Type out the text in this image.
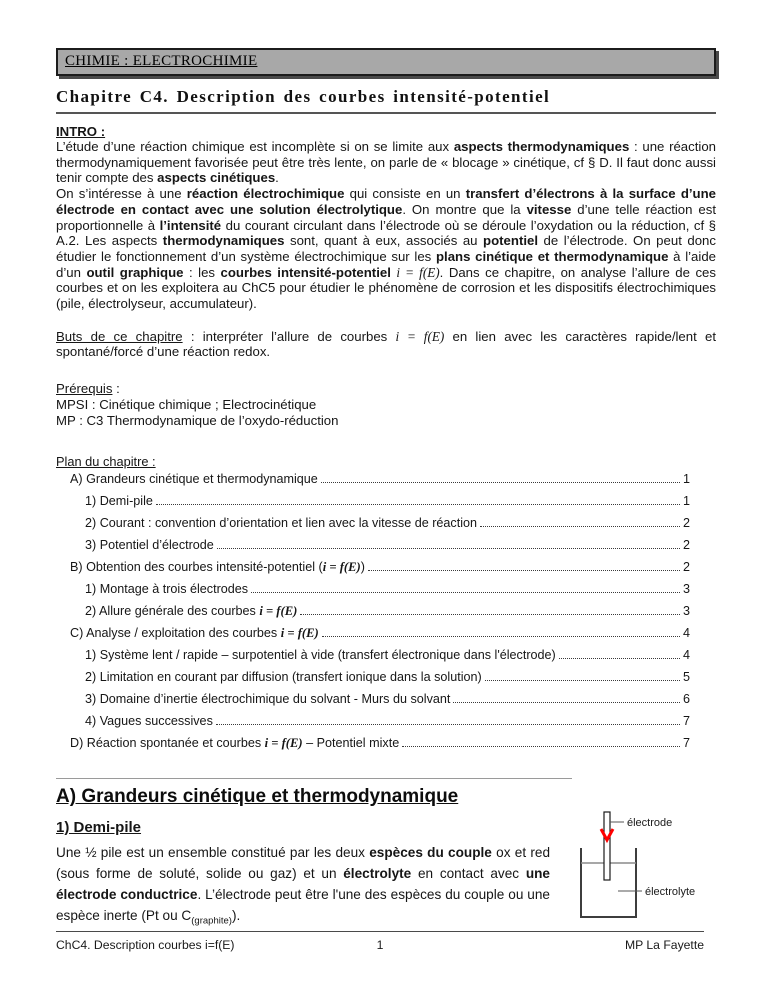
CHIMIE : ELECTROCHIMIE
Chapitre C4. Description des courbes intensité-potentiel

INTRO :

L’étude d’une réaction chimique est incomplète si on se limite aux aspects thermodynamiques : une réaction thermodynamiquement favorisée peut être très lente, on parle de « blocage » cinétique, cf § D. Il faut donc aussi tenir compte des aspects cinétiques.

On s’intéresse à une réaction électrochimique qui consiste en un transfert d’électrons à la surface d’une électrode en contact avec une solution électrolytique. On montre que la vitesse d’une telle réaction est proportionnelle à l’intensité du courant circulant dans l’électrode où se déroule l’oxydation ou la réduction, cf § A.2. Les aspects thermodynamiques sont, quant à eux, associés au potentiel de l’électrode. On peut donc étudier le fonctionnement d’un système électrochimique sur les plans cinétique et thermodynamique à l’aide d’un outil graphique : les courbes intensité-potentiel i = f(E). Dans ce chapitre, on analyse l’allure de ces courbes et on les exploitera au ChC5 pour étudier le phénomène de corrosion et les dispositifs électrochimiques (pile, électrolyseur, accumulateur).

Buts de ce chapitre : interpréter l’allure de courbes i = f(E) en lien avec les caractères rapide/lent et spontané/forcé d’une réaction redox.

Prérequis :

MPSI : Cinétique chimique ; Electrocinétique

MP : C3 Thermodynamique de l’oxydo-réduction

Plan du chapitre :

A) Grandeurs cinétique et thermodynamique	1
1) Demi-pile	1
2) Courant : convention d’orientation et lien avec la vitesse de réaction	2
3) Potentiel d’électrode	2
B) Obtention des courbes intensité-potentiel (i = f(E))	2
1) Montage à trois électrodes	3
2) Allure générale des courbes i = f(E)	3
C) Analyse / exploitation des courbes i = f(E)	4
1) Système lent / rapide – surpotentiel à vide (transfert électronique dans l'électrode)	4
2) Limitation en courant par diffusion (transfert ionique dans la solution)	5
3) Domaine d’inertie électrochimique du solvant - Murs du solvant	6
4) Vagues successives	7
D) Réaction spontanée et courbes i = f(E) – Potentiel mixte	7
A) Grandeurs cinétique et thermodynamique
1) Demi-pile

Une ½ pile est un ensemble constitué par les deux espèces du couple ox et red (sous forme de soluté, solide ou gaz) et un électrolyte en contact avec une électrode conductrice. L’électrode peut être l'une des espèces du couple ou une espèce inerte (Pt ou $C_{(graphite)}$).

électrode
électrolyte
ChC4. Description courbes i=f(E)	1	MP La Fayette
